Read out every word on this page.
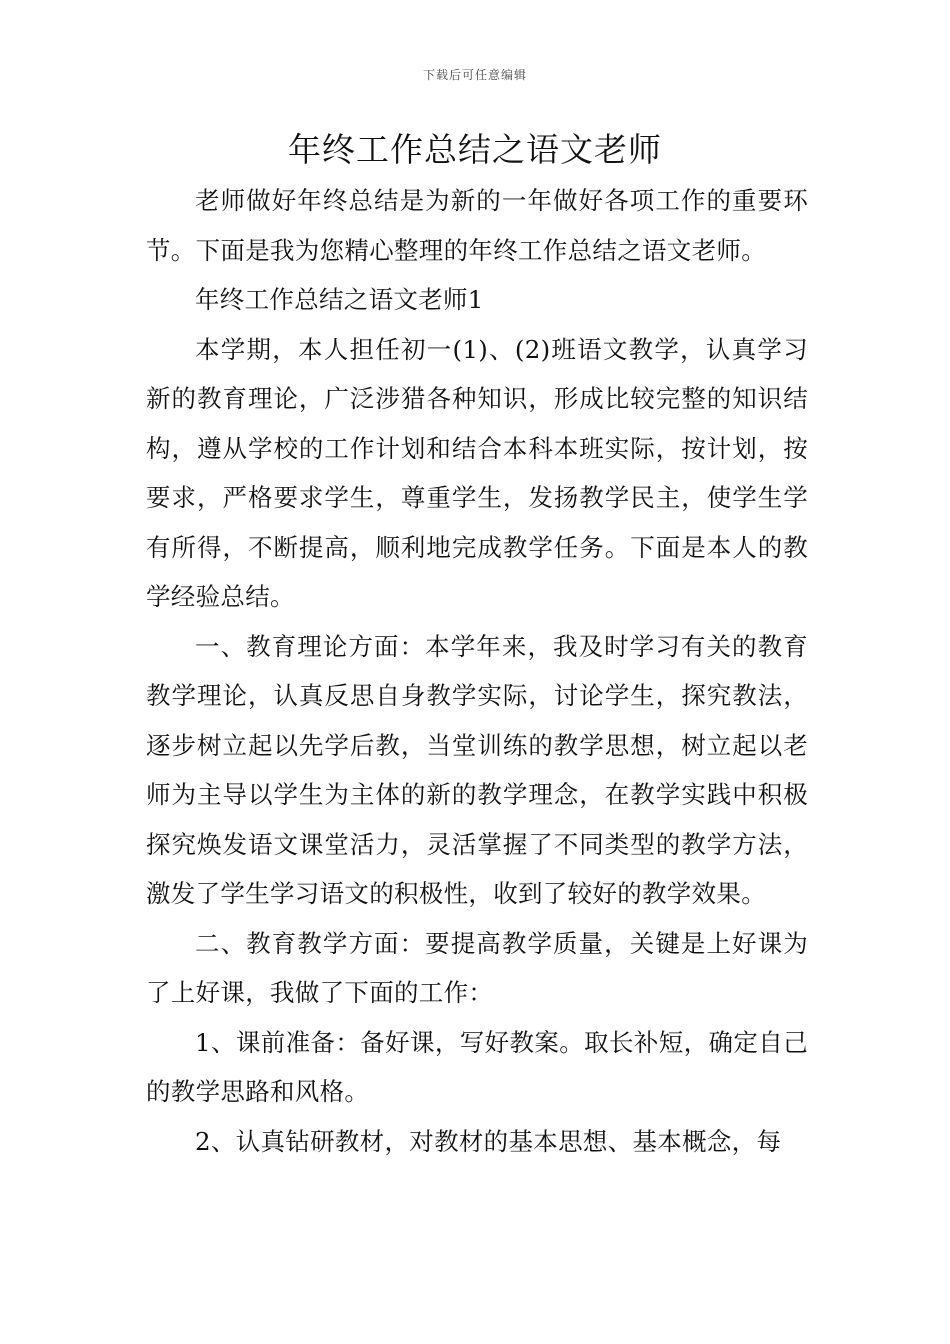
下载后可任意编辑
年终工作总结之语文老师

老师做好年终总结是为新的一年做好各项工作的重要环节。下面是我为您精心整理的年终工作总结之语文老师。

年终工作总结之语文老师1

本学期，本人担任初一(1)、(2)班语文教学，认真学习新的教育理论，广泛涉猎各种知识，形成比较完整的知识结构，遵从学校的工作计划和结合本科本班实际，按计划，按要求，严格要求学生，尊重学生，发扬教学民主，使学生学有所得，不断提高，顺利地完成教学任务。下面是本人的教学经验总结。

一、教育理论方面：本学年来，我及时学习有关的教育教学理论，认真反思自身教学实际，讨论学生，探究教法，逐步树立起以先学后教，当堂训练的教学思想，树立起以老师为主导以学生为主体的新的教学理念，在教学实践中积极探究焕发语文课堂活力，灵活掌握了不同类型的教学方法，激发了学生学习语文的积极性，收到了较好的教学效果。

二、教育教学方面：要提高教学质量，关键是上好课为了上好课，我做了下面的工作：

1、课前准备：备好课，写好教案。取长补短，确定自己的教学思路和风格。

2、认真钻研教材，对教材的基本思想、基本概念，每
